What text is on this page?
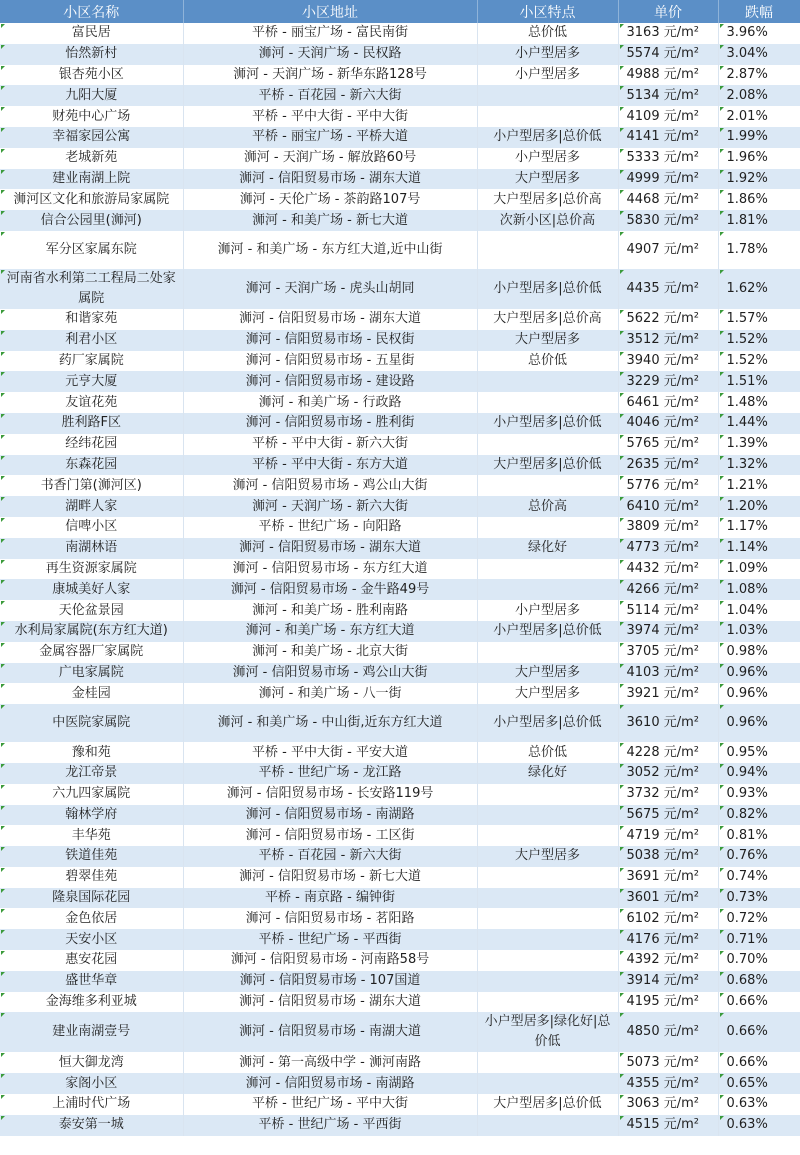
小区名称	小区地址	小区特点	单价	跌幅
富民居	平桥 - 丽宝广场 - 富民南街	总价低	3163 元/m²	3.96%
怡然新村	浉河 - 天润广场 - 民权路	小户型居多	5574 元/m²	3.04%
银杏苑小区	浉河 - 天润广场 - 新华东路128号	小户型居多	4988 元/m²	2.87%
九阳大厦	平桥 - 百花园 - 新六大街		5134 元/m²	2.08%
财苑中心广场	平桥 - 平中大街 - 平中大街		4109 元/m²	2.01%
幸福家园公寓	平桥 - 丽宝广场 - 平桥大道	小户型居多|总价低	4141 元/m²	1.99%
老城新苑	浉河 - 天润广场 - 解放路60号	小户型居多	5333 元/m²	1.96%
建业南湖上院	浉河 - 信阳贸易市场 - 湖东大道	大户型居多	4999 元/m²	1.92%
浉河区文化和旅游局家属院	浉河 - 天伦广场 - 茶韵路107号	大户型居多|总价高	4468 元/m²	1.86%
信合公园里(浉河)	浉河 - 和美广场 - 新七大道	次新小区|总价高	5830 元/m²	1.81%
军分区家属东院	浉河 - 和美广场 - 东方红大道,近中山街		4907 元/m²	1.78%
河南省水利第二工程局二处家属院	浉河 - 天润广场 - 虎头山胡同	小户型居多|总价低	4435 元/m²	1.62%
和谐家苑	浉河 - 信阳贸易市场 - 湖东大道	大户型居多|总价高	5622 元/m²	1.57%
利君小区	浉河 - 信阳贸易市场 - 民权街	大户型居多	3512 元/m²	1.52%
药厂家属院	浉河 - 信阳贸易市场 - 五星街	总价低	3940 元/m²	1.52%
元亨大厦	浉河 - 信阳贸易市场 - 建设路		3229 元/m²	1.51%
友谊花苑	浉河 - 和美广场 - 行政路		6461 元/m²	1.48%
胜利路F区	浉河 - 信阳贸易市场 - 胜利街	小户型居多|总价低	4046 元/m²	1.44%
经纬花园	平桥 - 平中大街 - 新六大街		5765 元/m²	1.39%
东森花园	平桥 - 平中大街 - 东方大道	大户型居多|总价低	2635 元/m²	1.32%
书香门第(浉河区)	浉河 - 信阳贸易市场 - 鸡公山大街		5776 元/m²	1.21%
湖畔人家	浉河 - 天润广场 - 新六大街	总价高	6410 元/m²	1.20%
信啤小区	平桥 - 世纪广场 - 向阳路		3809 元/m²	1.17%
南湖林语	浉河 - 信阳贸易市场 - 湖东大道	绿化好	4773 元/m²	1.14%
再生资源家属院	浉河 - 信阳贸易市场 - 东方红大道		4432 元/m²	1.09%
康城美好人家	浉河 - 信阳贸易市场 - 金牛路49号		4266 元/m²	1.08%
天伦盆景园	浉河 - 和美广场 - 胜利南路	小户型居多	5114 元/m²	1.04%
水利局家属院(东方红大道)	浉河 - 和美广场 - 东方红大道	小户型居多|总价低	3974 元/m²	1.03%
金属容器厂家属院	浉河 - 和美广场 - 北京大街		3705 元/m²	0.98%
广电家属院	浉河 - 信阳贸易市场 - 鸡公山大街	大户型居多	4103 元/m²	0.96%
金桂园	浉河 - 和美广场 - 八一街	大户型居多	3921 元/m²	0.96%
中医院家属院	浉河 - 和美广场 - 中山街,近东方红大道	小户型居多|总价低	3610 元/m²	0.96%
豫和苑	平桥 - 平中大街 - 平安大道	总价低	4228 元/m²	0.95%
龙江帝景	平桥 - 世纪广场 - 龙江路	绿化好	3052 元/m²	0.94%
六九四家属院	浉河 - 信阳贸易市场 - 长安路119号		3732 元/m²	0.93%
翰林学府	浉河 - 信阳贸易市场 - 南湖路		5675 元/m²	0.82%
丰华苑	浉河 - 信阳贸易市场 - 工区街		4719 元/m²	0.81%
铁道佳苑	平桥 - 百花园 - 新六大街	大户型居多	5038 元/m²	0.76%
碧翠佳苑	浉河 - 信阳贸易市场 - 新七大道		3691 元/m²	0.74%
隆泉国际花园	平桥 - 南京路 - 编钟街		3601 元/m²	0.73%
金色依居	浉河 - 信阳贸易市场 - 茗阳路		6102 元/m²	0.72%
天安小区	平桥 - 世纪广场 - 平西街		4176 元/m²	0.71%
惠安花园	浉河 - 信阳贸易市场 - 河南路58号		4392 元/m²	0.70%
盛世华章	浉河 - 信阳贸易市场 - 107国道		3914 元/m²	0.68%
金海维多利亚城	浉河 - 信阳贸易市场 - 湖东大道		4195 元/m²	0.66%
建业南湖壹号	浉河 - 信阳贸易市场 - 南湖大道	小户型居多|绿化好|总价低	4850 元/m²	0.66%
恒大御龙湾	浉河 - 第一高级中学 - 浉河南路		5073 元/m²	0.66%
家阁小区	浉河 - 信阳贸易市场 - 南湖路		4355 元/m²	0.65%
上浦时代广场	平桥 - 世纪广场 - 平中大街	大户型居多|总价低	3063 元/m²	0.63%
泰安第一城	平桥 - 世纪广场 - 平西街		4515 元/m²	0.63%
